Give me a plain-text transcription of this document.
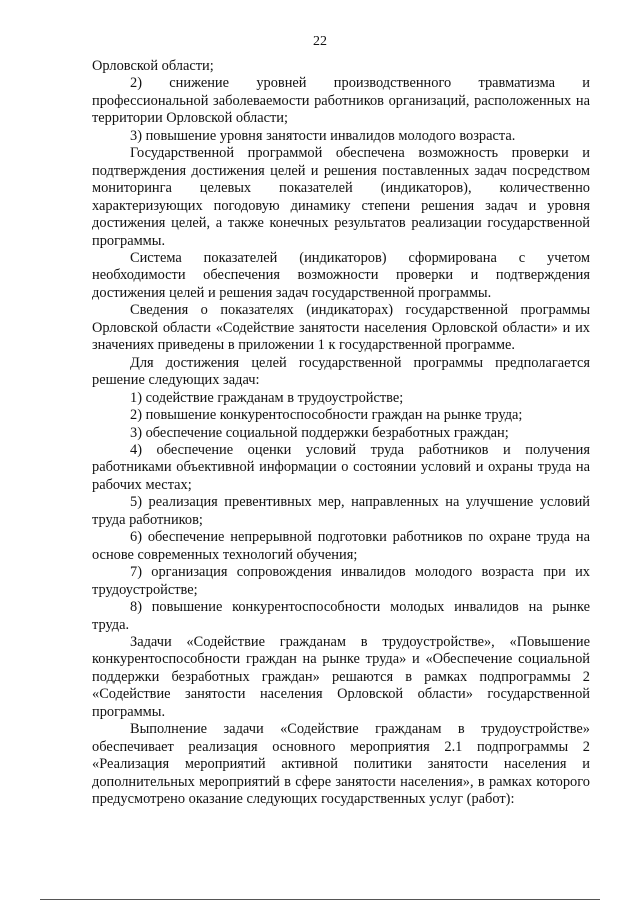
22

Орловской области;

2) снижение уровней производственного травматизма и профессиональной заболеваемости работников организаций, расположенных на территории Орловской области;

3) повышение уровня занятости инвалидов молодого возраста.

Государственной программой обеспечена возможность проверки и подтверждения достижения целей и решения поставленных задач посредством мониторинга целевых показателей (индикаторов), количественно характеризующих погодовую динамику степени решения задач и уровня достижения целей, а также конечных результатов реализации государственной программы.

Система показателей (индикаторов) сформирована с учетом необходимости обеспечения возможности проверки и подтверждения достижения целей и решения задач государственной программы.

Сведения о показателях (индикаторах) государственной программы Орловской области «Содействие занятости населения Орловской области» и их значениях приведены в приложении 1 к государственной программе.

Для достижения целей государственной программы предполагается решение следующих задач:

1) содействие гражданам в трудоустройстве;

2) повышение конкурентоспособности граждан на рынке труда;

3) обеспечение социальной поддержки безработных граждан;

4) обеспечение оценки условий труда работников и получения работниками объективной информации о состоянии условий и охраны труда на рабочих местах;

5) реализация превентивных мер, направленных на улучшение условий труда работников;

6) обеспечение непрерывной подготовки работников по охране труда на основе современных технологий обучения;

7) организация сопровождения инвалидов молодого возраста при их трудоустройстве;

8) повышение конкурентоспособности молодых инвалидов на рынке труда.

Задачи «Содействие гражданам в трудоустройстве», «Повышение конкурентоспособности граждан на рынке труда» и «Обеспечение социальной поддержки безработных граждан» решаются в рамках подпрограммы 2 «Содействие занятости населения Орловской области» государственной программы.

Выполнение задачи «Содействие гражданам в трудоустройстве» обеспечивает реализация основного мероприятия 2.1 подпрограммы 2 «Реализация мероприятий активной политики занятости населения и дополнительных мероприятий в сфере занятости населения», в рамках которого предусмотрено оказание следующих государственных услуг (работ):
